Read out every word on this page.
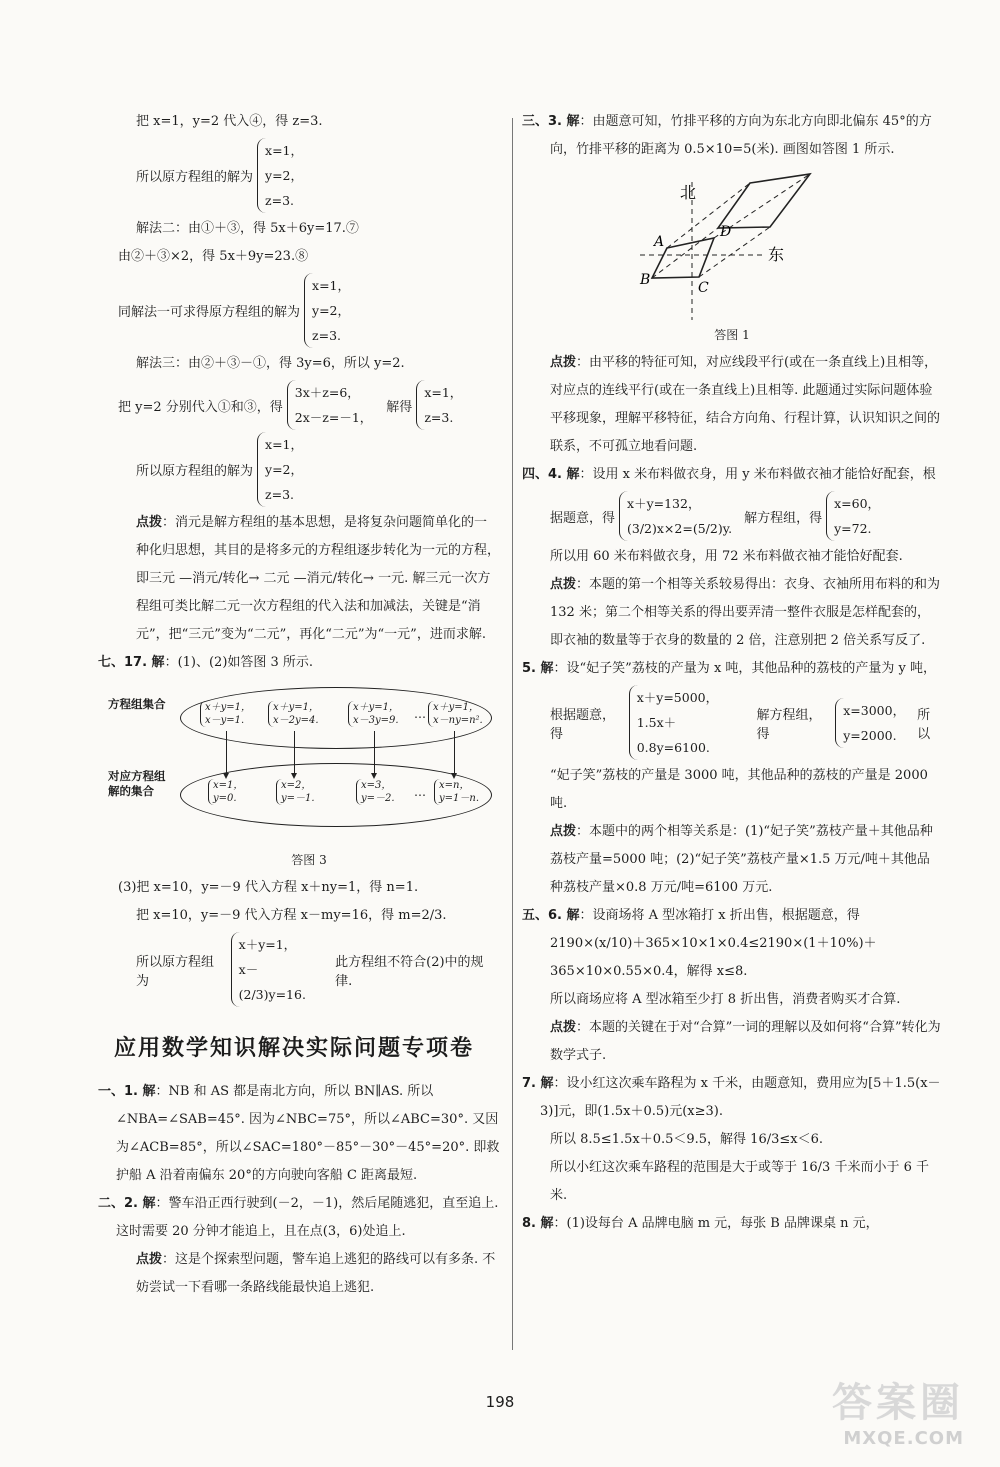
把 x=1，y=2 代入④，得 z=3.

所以原方程组的解为
x=1，
y=2，
z=3.

解法二：由①＋③，得 5x＋6y=17.⑦

由②＋③×2，得 5x＋9y=23.⑧

同解法一可求得原方程组的解为
x=1，
y=2，
z=3.

解法三：由②＋③－①，得 3y=6，所以 y=2.

把 y=2 分别代入①和③，得
3x＋z=6，
2x－z=－1，
解得
x=1，
z=3.
所以原方程组的解为
x=1，
y=2，
z=3.

点拨：消元是解方程组的基本思想，是将复杂问题简单化的一种化归思想，其目的是将多元的方程组逐步转化为一元的方程，即三元 —消元/转化→ 二元 —消元/转化→ 一元. 解三元一次方程组可类比解二元一次方程组的代入法和加减法，关键是“消元”，把“三元”变为“二元”，再化“二元”为“一元”，进而求解.

七、17. 解：(1)、(2)如答图 3 所示.

方程组集合
对应方程组解的集合
x＋y=1，
x－y=1.
x＋y=1，
x－2y=4.
x＋y=1，
x－3y=9. … x＋y=1，
x－ny=n².
x=1，
y=0.
x=2，
y=－1.
x=3，
y=－2. … x=n，
y=1－n.
答图 3

(3)把 x=10，y=－9 代入方程 x＋ny=1，得 n=1.

把 x=10，y=－9 代入方程 x－my=16，得 m=2/3.

所以原方程组为
x＋y=1，
x－(2/3)y=16.
此方程组不符合(2)中的规律.
应用数学知识解决实际问题专项卷

一、1. 解：NB 和 AS 都是南北方向，所以 BN∥AS. 所以∠NBA=∠SAB=45°. 因为∠NBC=75°，所以∠ABC=30°. 又因为∠ACB=85°，所以∠SAC=180°－85°－30°－45°=20°. 即救护船 A 沿着南偏东 20°的方向驶向客船 C 距离最短.

二、2. 解：警车沿正西行驶到(－2，－1)，然后尾随逃犯，直至追上. 这时需要 20 分钟才能追上，且在点(3，6)处追上.

点拨：这是个探索型问题，警车追上逃犯的路线可以有多条. 不妨尝试一下看哪一条路线能最快追上逃犯.

三、3. 解：由题意可知，竹排平移的方向为东北方向即北偏东 45°的方向，竹排平移的距离为 0.5×10=5(米). 画图如答图 1 所示.

北
东
A
B	C
D
答图 1

点拨：由平移的特征可知，对应线段平行(或在一条直线上)且相等，对应点的连线平行(或在一条直线上)且相等. 此题通过实际问题体验平移现象，理解平移特征，结合方向角、行程计算，认识知识之间的联系，不可孤立地看问题.

四、4. 解：设用 x 米布料做衣身，用 y 米布料做衣袖才能恰好配套，根

据题意，得
x＋y=132，
(3/2)x×2=(5/2)y.
解方程组，得
x=60，
y=72.

所以用 60 米布料做衣身，用 72 米布料做衣袖才能恰好配套.

点拨：本题的第一个相等关系较易得出：衣身、衣袖所用布料的和为 132 米；第二个相等关系的得出要弄清一整件衣服是怎样配套的，即衣袖的数量等于衣身的数量的 2 倍，注意别把 2 倍关系写反了.

5. 解：设“妃子笑”荔枝的产量为 x 吨，其他品种的荔枝的产量为 y 吨，

根据题意，得
x＋y=5000，
1.5x＋0.8y=6100.
解方程组，得
x=3000，
y=2000.
所以

“妃子笑”荔枝的产量是 3000 吨，其他品种的荔枝的产量是 2000 吨.

点拨：本题中的两个相等关系是：(1)“妃子笑”荔枝产量＋其他品种荔枝产量=5000 吨；(2)“妃子笑”荔枝产量×1.5 万元/吨＋其他品种荔枝产量×0.8 万元/吨=6100 万元.

五、6. 解：设商场将 A 型冰箱打 x 折出售，根据题意，得

2190×(x/10)＋365×10×1×0.4≤2190×(1＋10%)＋365×10×0.55×0.4，解得 x≤8.

所以商场应将 A 型冰箱至少打 8 折出售，消费者购买才合算.

点拨：本题的关键在于对“合算”一词的理解以及如何将“合算”转化为数学式子.

7. 解：设小红这次乘车路程为 x 千米，由题意知，费用应为[5＋1.5(x－3)]元，即(1.5x＋0.5)元(x≥3).

所以 8.5≤1.5x＋0.5＜9.5，解得 16/3≤x＜6.

所以小红这次乘车路程的范围是大于或等于 16/3 千米而小于 6 千米.

8. 解：(1)设每台 A 品牌电脑 m 元，每张 B 品牌课桌 n 元，

198	答案圈
MXQE.COM
